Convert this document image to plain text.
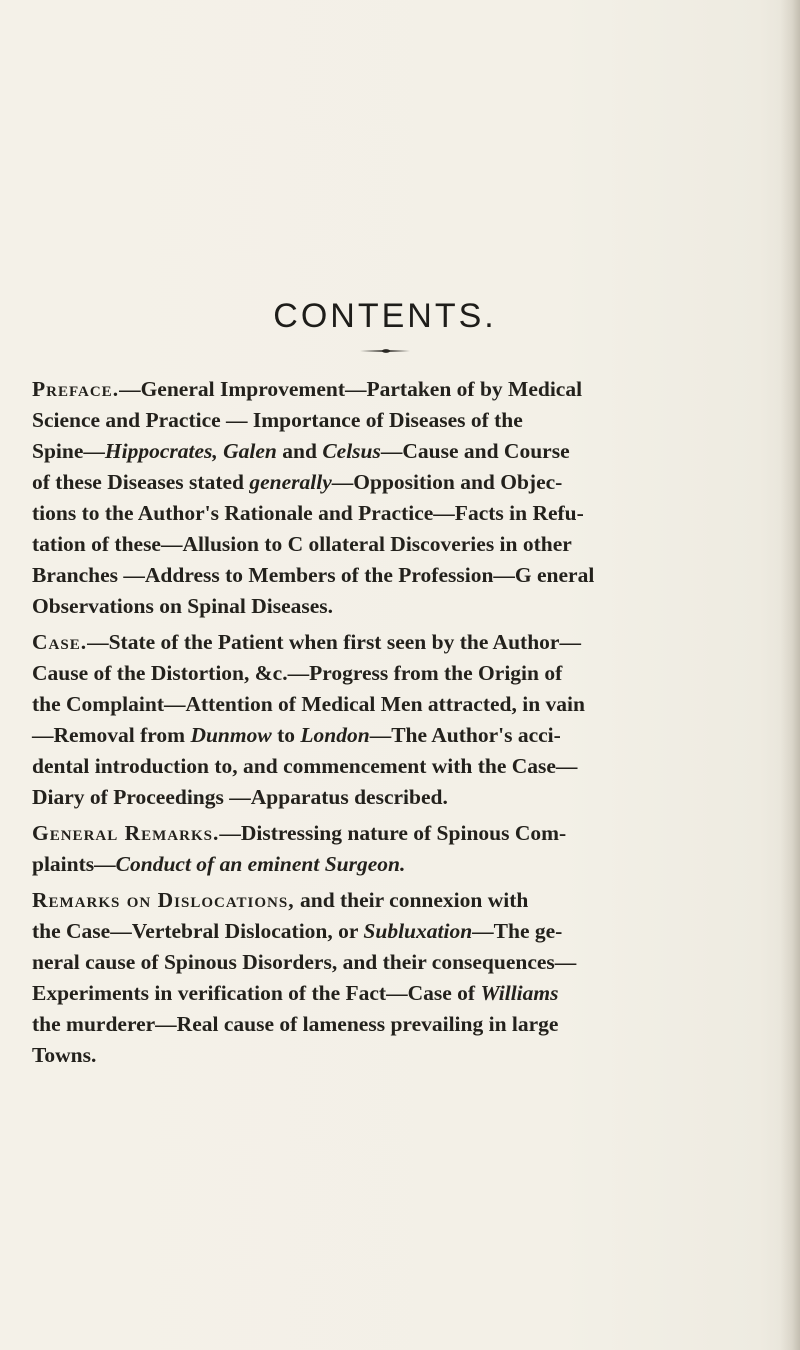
CONTENTS.
Preface.—General Improvement—Partaken of by Medical
Science and Practice — Importance of Diseases of the
Spine—Hippocrates, Galen and Celsus—Cause and Course
of these Diseases stated generally—Opposition and Objec-
tions to the Author's Rationale and Practice—Facts in Refu-
tation of these—Allusion to C ollateral Discoveries in other
Branches —Address to Members of the Profession—G eneral
Observations on Spinal Diseases.
Case.—State of the Patient when first seen by the Author—
Cause of the Distortion, &c.—Progress from the Origin of
the Complaint—Attention of Medical Men attracted, in vain
—Removal from Dunmow to London—The Author's acci-
dental introduction to, and commencement with the Case—
Diary of Proceedings —Apparatus described.
General Remarks.—Distressing nature of Spinous Com-
plaints—Conduct of an eminent Surgeon.
Remarks on Dislocations, and their connexion with
the Case—Vertebral Dislocation, or Subluxation—The ge-
neral cause of Spinous Disorders, and their consequences—
Experiments in verification of the Fact—Case of Williams
the murderer—Real cause of lameness prevailing in large
Towns.
